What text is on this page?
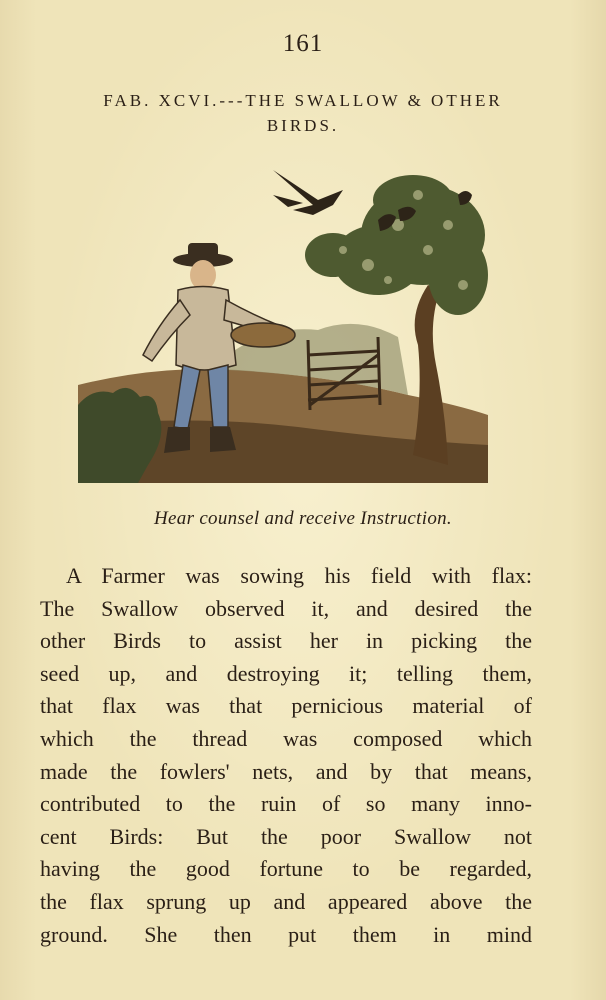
161
FAB. XCVI.---THE SWALLOW & OTHER
BIRDS.
Hear counsel and receive Instruction.
A Farmer was sowing his field with flax:
The Swallow observed it, and desired the
other Birds to assist her in picking the
seed up, and destroying it; telling them,
that flax was that pernicious material of
which the thread was composed which
made the fowlers' nets, and by that means,
contributed to the ruin of so many inno-
cent Birds: But the poor Swallow not
having the good fortune to be regarded,
the flax sprung up and appeared above the
ground. She then put them in mind
